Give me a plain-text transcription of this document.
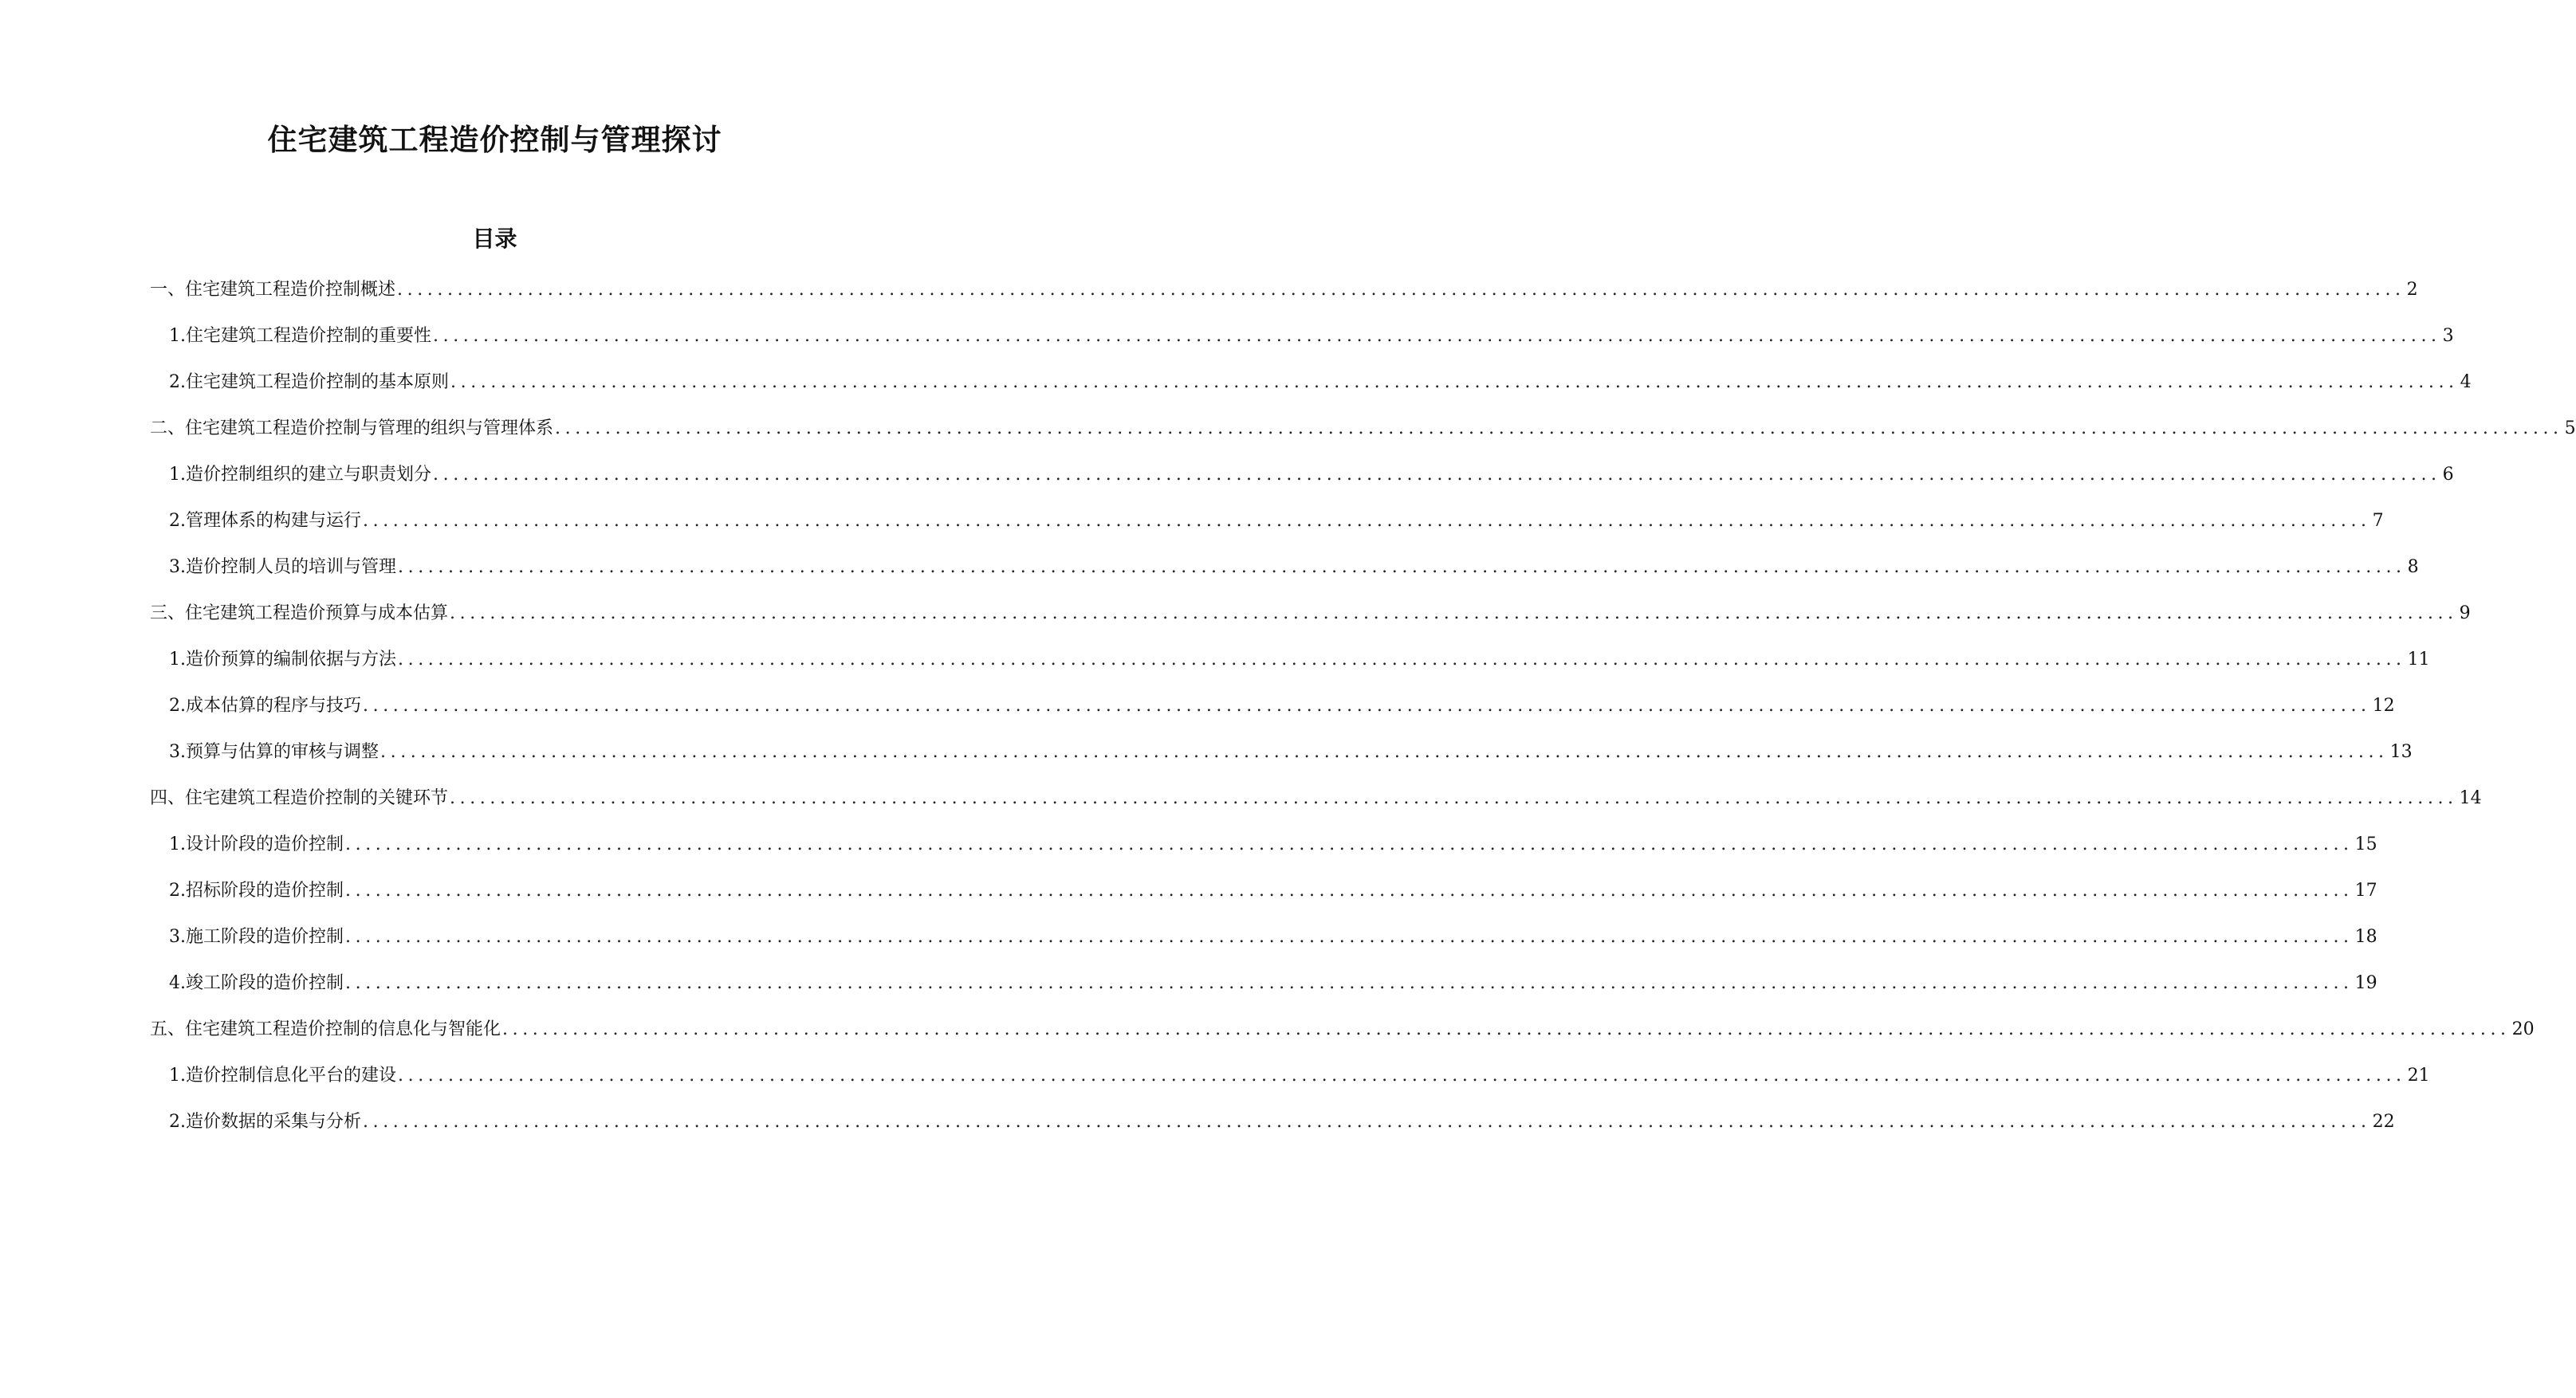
住宅建筑工程造价控制与管理探讨
目录
一、住宅建筑工程造价控制概述 ........................................................................................................................................................................................................ 2
1. 住宅建筑工程造价控制的重要性 ........................................................................................................................................................................................................ 3
2. 住宅建筑工程造价控制的基本原则 ........................................................................................................................................................................................................ 4
二、住宅建筑工程造价控制与管理的组织与管理体系 ........................................................................................................................................................................................................ 5
1. 造价控制组织的建立与职责划分 ........................................................................................................................................................................................................ 6
2. 管理体系的构建与运行 ........................................................................................................................................................................................................ 7
3. 造价控制人员的培训与管理 ........................................................................................................................................................................................................ 8
三、住宅建筑工程造价预算与成本估算 ........................................................................................................................................................................................................ 9
1. 造价预算的编制依据与方法 ........................................................................................................................................................................................................ 11
2. 成本估算的程序与技巧 ........................................................................................................................................................................................................ 12
3. 预算与估算的审核与调整 ........................................................................................................................................................................................................ 13
四、住宅建筑工程造价控制的关键环节 ........................................................................................................................................................................................................ 14
1. 设计阶段的造价控制 ........................................................................................................................................................................................................ 15
2. 招标阶段的造价控制 ........................................................................................................................................................................................................ 17
3. 施工阶段的造价控制 ........................................................................................................................................................................................................ 18
4. 竣工阶段的造价控制 ........................................................................................................................................................................................................ 19
五、住宅建筑工程造价控制的信息化与智能化 ........................................................................................................................................................................................................ 20
1. 造价控制信息化平台的建设 ........................................................................................................................................................................................................ 21
2. 造价数据的采集与分析 ........................................................................................................................................................................................................ 22
